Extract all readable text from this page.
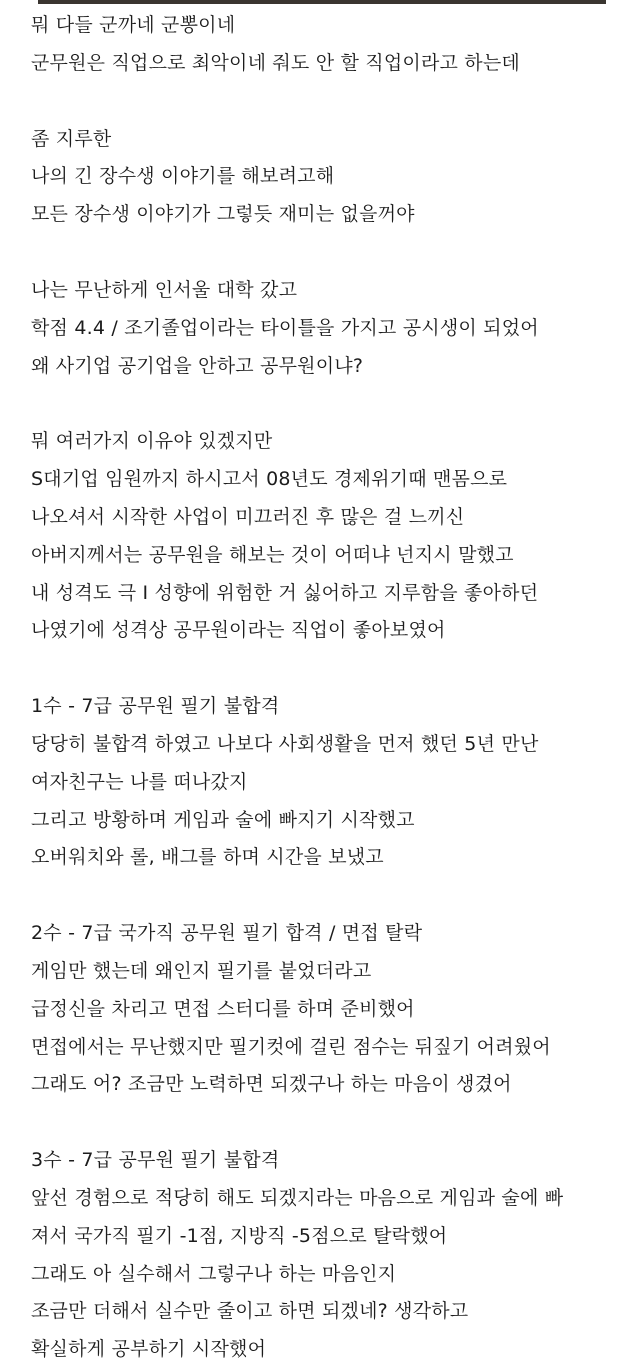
뭐 다들 군까네 군뽕이네
군무원은 직업으로 최악이네 줘도 안 할 직업이라고 하는데
좀 지루한
나의 긴 장수생 이야기를 해보려고해
모든 장수생 이야기가 그렇듯 재미는 없을꺼야
나는 무난하게 인서울 대학 갔고
학점 4.4 / 조기졸업이라는 타이틀을 가지고 공시생이 되었어
왜 사기업 공기업을 안하고 공무원이냐?
뭐 여러가지 이유야 있겠지만
S대기업 임원까지 하시고서 08년도 경제위기때 맨몸으로
나오셔서 시작한 사업이 미끄러진 후 많은 걸 느끼신
아버지께서는 공무원을 해보는 것이 어떠냐 넌지시 말했고
내 성격도 극 I 성향에 위험한 거 싫어하고 지루함을 좋아하던
나였기에 성격상 공무원이라는 직업이 좋아보였어
1수 - 7급 공무원 필기 불합격
당당히 불합격 하였고 나보다 사회생활을 먼저 했던 5년 만난
여자친구는 나를 떠나갔지
그리고 방황하며 게임과 술에 빠지기 시작했고
오버워치와 롤, 배그를 하며 시간을 보냈고
2수 - 7급 국가직 공무원 필기 합격 / 면접 탈락
게임만 했는데 왜인지 필기를 붙었더라고
급정신을 차리고 면접 스터디를 하며 준비했어
면접에서는 무난했지만 필기컷에 걸린 점수는 뒤짚기 어려웠어
그래도 어? 조금만 노력하면 되겠구나 하는 마음이 생겼어
3수 - 7급 공무원 필기 불합격
앞선 경험으로 적당히 해도 되겠지라는 마음으로 게임과 술에 빠
져서 국가직 필기 -1점, 지방직 -5점으로 탈락했어
그래도 아 실수해서 그렇구나 하는 마음인지
조금만 더해서 실수만 줄이고 하면 되겠네? 생각하고
확실하게 공부하기 시작했어
